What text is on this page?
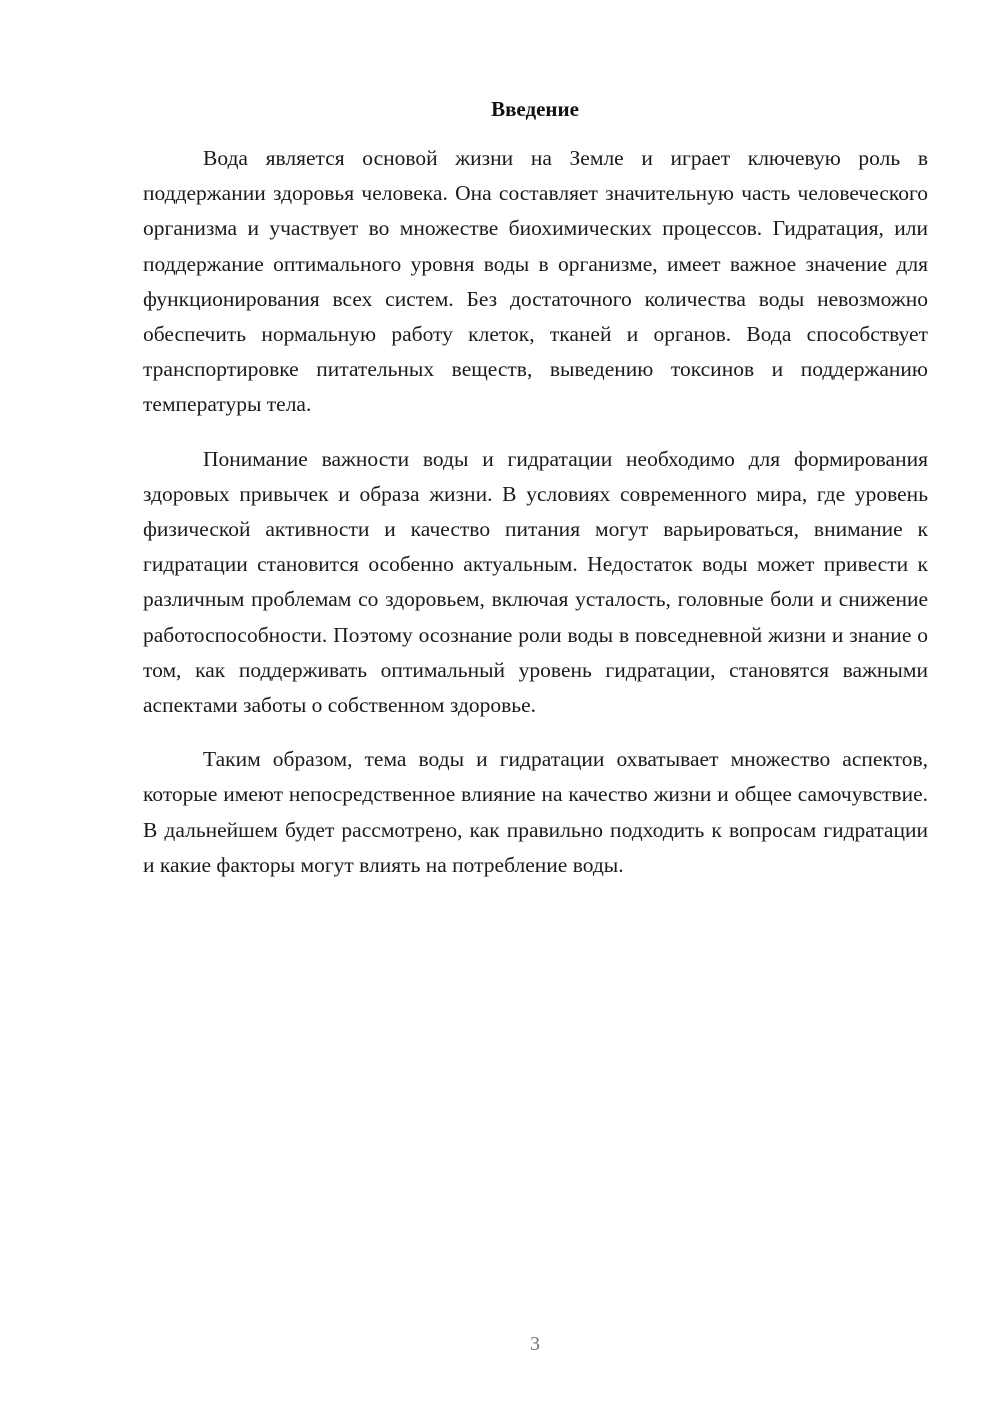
Введение

Вода является основой жизни на Земле и играет ключевую роль в поддержании здоровья человека. Она составляет значительную часть человеческого организма и участвует во множестве биохимических процессов. Гидратация, или поддержание оптимального уровня воды в организме, имеет важное значение для функционирования всех систем. Без достаточного количества воды невозможно обеспечить нормальную работу клеток, тканей и органов. Вода способствует транспортировке питательных веществ, выведению токсинов и поддержанию температуры тела.

Понимание важности воды и гидратации необходимо для формирования здоровых привычек и образа жизни. В условиях современного мира, где уровень физической активности и качество питания могут варьироваться, внимание к гидратации становится особенно актуальным. Недостаток воды может привести к различным проблемам со здоровьем, включая усталость, головные боли и снижение работоспособности. Поэтому осознание роли воды в повседневной жизни и знание о том, как поддерживать оптимальный уровень гидратации, становятся важными аспектами заботы о собственном здоровье.

Таким образом, тема воды и гидратации охватывает множество аспектов, которые имеют непосредственное влияние на качество жизни и общее самочувствие. В дальнейшем будет рассмотрено, как правильно подходить к вопросам гидратации и какие факторы могут влиять на потребление воды.

3
